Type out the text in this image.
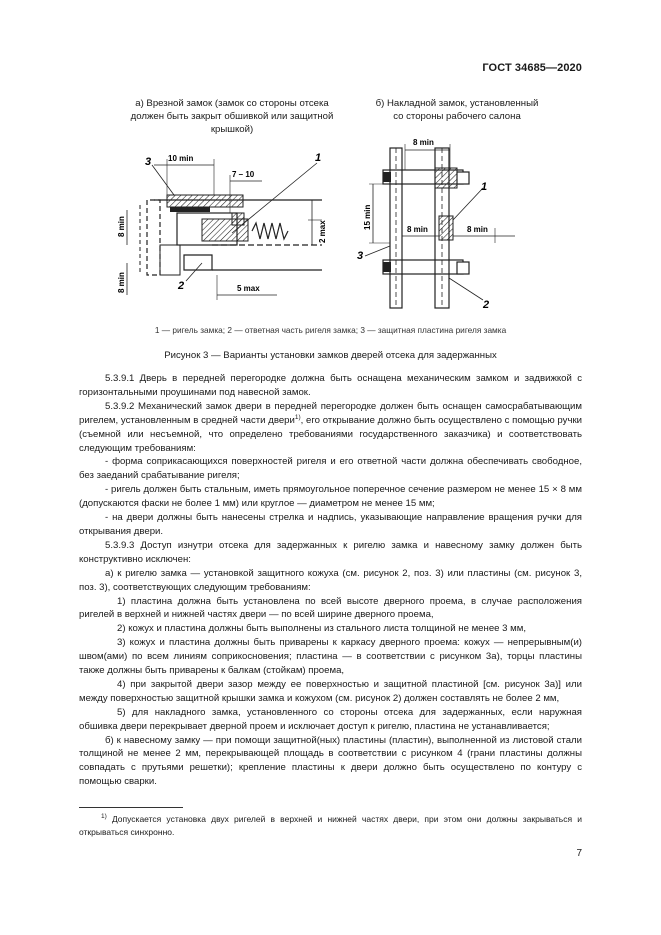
ГОСТ 34685—2020
а) Врезной замок (замок со стороны отсека
должен быть закрыт обшивкой или защитной крышкой)
б) Накладной замок, установленный
со стороны рабочего салона
10 min
7 – 10
8 min	2 max
8 min	5 max
3	1
2
8 min
15 min	8 min	8 min
1
3
2
1 — ригель замка; 2 — ответная часть ригеля замка; 3 — защитная пластина ригеля замка
Рисунок 3 — Варианты установки замков дверей отсека для задержанных

5.3.9.1 Дверь в передней перегородке должна быть оснащена механическим замком и задвижкой с горизонтальными проушинами под навесной замок.

5.3.9.2 Механический замок двери в передней перегородке должен быть оснащен самосрабатывающим ригелем, установленным в средней части двери$^{1)}$, его открывание должно быть осуществлено с помощью ручки (съемной или несъемной, что определено требованиями государственного заказчика) и соответствовать следующим требованиям:

- форма соприкасающихся поверхностей ригеля и его ответной части должна обеспечивать свободное, без заеданий срабатывание ригеля;

- ригель должен быть стальным, иметь прямоугольное поперечное сечение размером не менее 15 × 8 мм (допускаются фаски не более 1 мм) или круглое — диаметром не менее 15 мм;

- на двери должны быть нанесены стрелка и надпись, указывающие направление вращения ручки для открывания двери.

5.3.9.3 Доступ изнутри отсека для задержанных к ригелю замка и навесному замку должен быть конструктивно исключен:

а) к ригелю замка — установкой защитного кожуха (см. рисунок 2, поз. 3) или пластины (см. рисунок 3, поз. 3), соответствующих следующим требованиям:

1) пластина должна быть установлена по всей высоте дверного проема, в случае расположения ригелей в верхней и нижней частях двери — по всей ширине дверного проема,

2) кожух и пластина должны быть выполнены из стального листа толщиной не менее 3 мм,

3) кожух и пластина должны быть приварены к каркасу дверного проема: кожух — непрерывным(и) швом(ами) по всем линиям соприкосновения; пластина — в соответствии с рисунком 3а), торцы пластины также должны быть приварены к балкам (стойкам) проема,

4) при закрытой двери зазор между ее поверхностью и защитной пластиной [см. рисунок 3а)] или между поверхностью защитной крышки замка и кожухом (см. рисунок 2) должен составлять не более 2 мм,

5) для накладного замка, установленного со стороны отсека для задержанных, если наружная обшивка двери перекрывает дверной проем и исключает доступ к ригелю, пластина не устанавливается;

б) к навесному замку — при помощи защитной(ных) пластины (пластин), выполненной из листовой стали толщиной не менее 2 мм, перекрывающей площадь в соответствии с рисунком 4 (грани пластины должны совпадать с прутьями решетки); крепление пластины к двери должно быть осуществлено по контуру с помощью сварки.

$^{1)}$ Допускается установка двух ригелей в верхней и нижней частях двери, при этом они должны закрываться и открываться синхронно.

7
